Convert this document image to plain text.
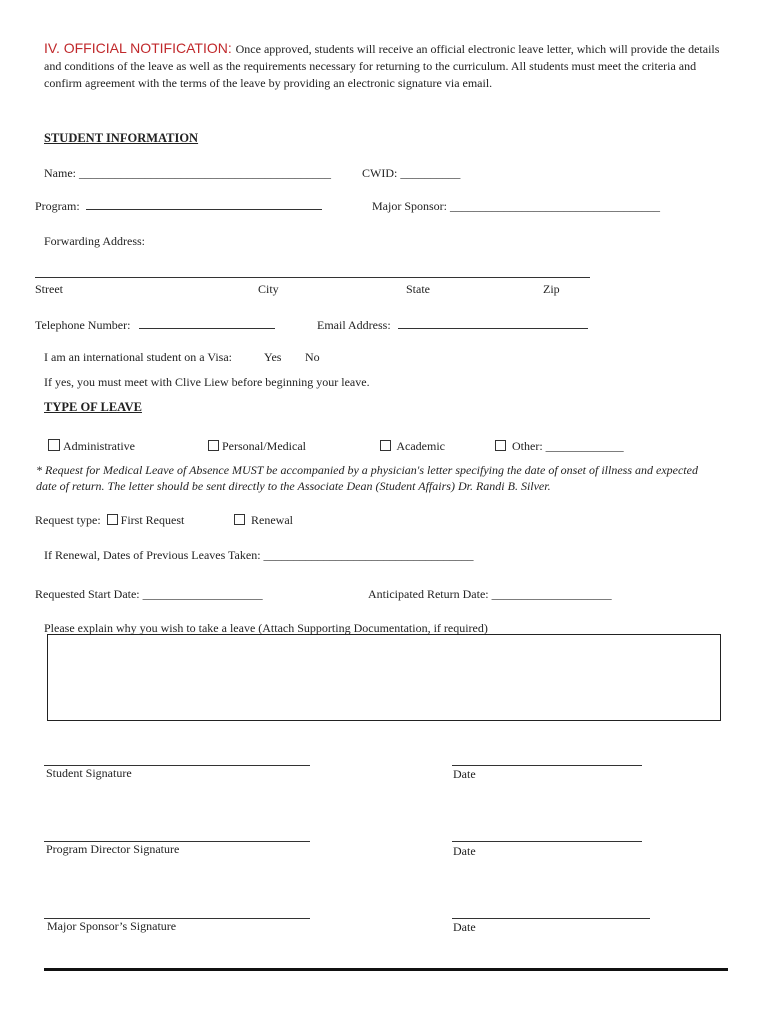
IV. OFFICIAL NOTIFICATION: Once approved, students will receive an official electronic leave letter, which will provide the details and conditions of the leave as well as the requirements necessary for returning to the curriculum. All students must meet the criteria and confirm agreement with the terms of the leave by providing an electronic signature via email.
STUDENT INFORMATION
Name: __________________________________________	CWID: __________
Program:	Major Sponsor: ___________________________________
Forwarding Address:
Street	City	State	Zip
Telephone Number:	Email Address:
I am an international student on a Visa:	Yes No
If yes, you must meet with Clive Liew before beginning your leave.
TYPE OF LEAVE
Administrative	Personal/Medical	Academic	Other: _____________
* Request for Medical Leave of Absence MUST be accompanied by a physician's letter specifying the date of onset of illness and expected date of return. The letter should be sent directly to the Associate Dean (Student Affairs) Dr. Randi B. Silver.
Request type: First Request	Renewal
If Renewal, Dates of Previous Leaves Taken: ___________________________________
Requested Start Date: ____________________	Anticipated Return Date: ____________________
Please explain why you wish to take a leave (Attach Supporting Documentation, if required)
Student Signature	Date
Program Director Signature	Date
Major Sponsor’s Signature	Date
